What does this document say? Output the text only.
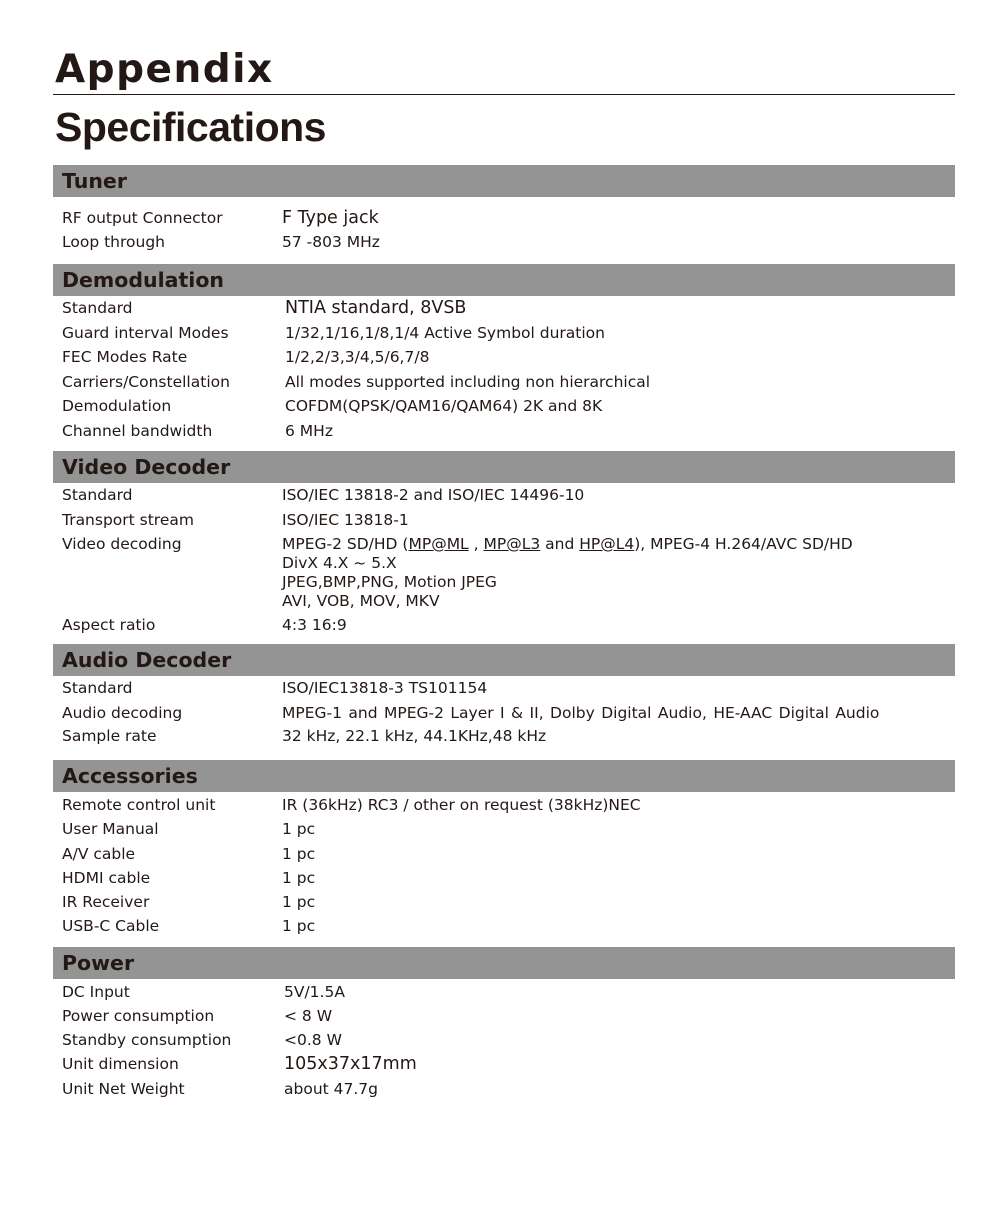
Appendix
Specifications
Tuner
RF output Connector	F Type jack
Loop through	57 -803 MHz
Demodulation
Standard	NTIA standard, 8VSB
Guard interval Modes	1/32,1/16,1/8,1/4 Active Symbol duration
FEC Modes Rate	1/2,2/3,3/4,5/6,7/8
Carriers/Constellation	All modes supported including non hierarchical
Demodulation	COFDM(QPSK/QAM16/QAM64) 2K and 8K
Channel bandwidth	6 MHz
Video Decoder
Standard	ISO/IEC 13818-2 and ISO/IEC 14496-10
Transport stream	ISO/IEC 13818-1
Video decoding	MPEG-2 SD/HD (MP@ML , MP@L3 and HP@L4), MPEG-4 H.264/AVC SD/HD
DivX 4.X ~ 5.X
JPEG,BMP,PNG, Motion JPEG
AVI, VOB, MOV, MKV
Aspect ratio	4:3 16:9
Audio Decoder
Standard	ISO/IEC13818-3 TS101154
Audio decoding	MPEG-1 and MPEG-2 Layer I & II, Dolby Digital Audio, HE-AAC Digital Audio
Sample rate	32 kHz, 22.1 kHz, 44.1KHz,48 kHz
Accessories
Remote control unit	IR (36kHz) RC3 / other on request (38kHz)NEC
User Manual	1 pc
A/V cable	1 pc
HDMI cable	1 pc
IR Receiver	1 pc
USB-C Cable	1 pc
Power
DC Input	5V/1.5A
Power consumption	< 8 W
Standby consumption	<0.8 W
Unit dimension	105x37x17mm
Unit Net Weight	about 47.7g
